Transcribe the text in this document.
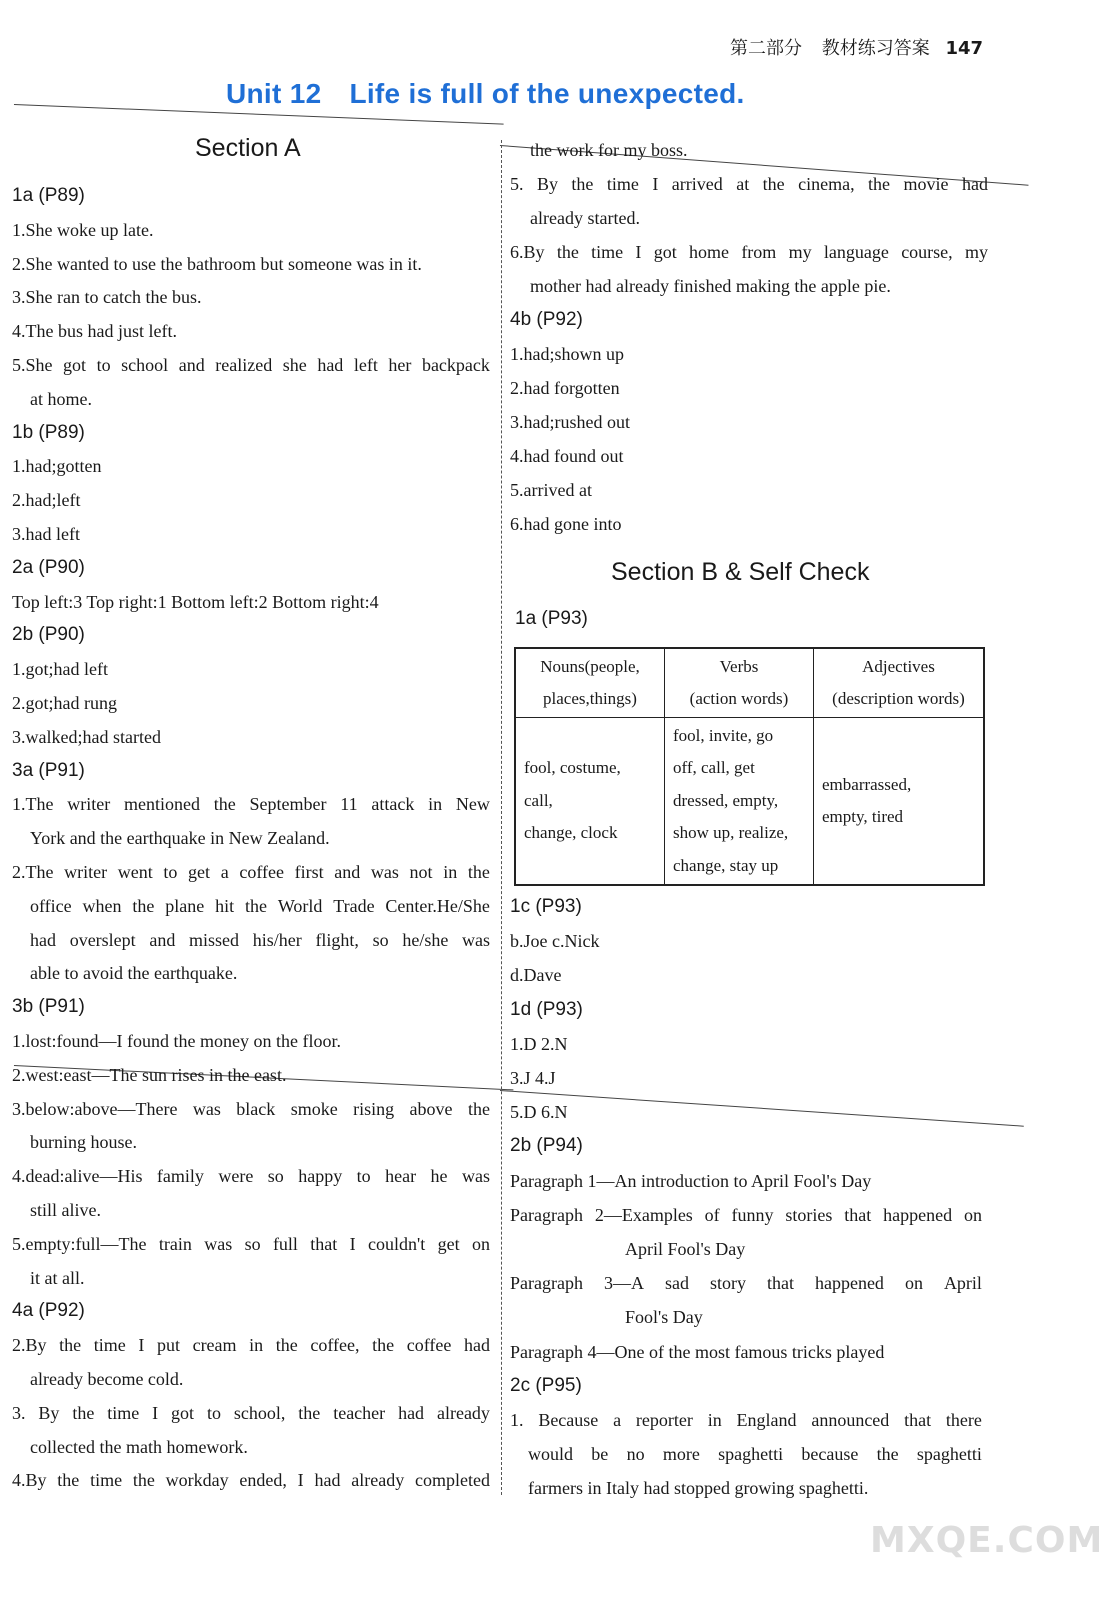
第二部分 教材练习答案 147
Unit 12 Life is full of the unexpected.
Section A
1a (P89)
1.She woke up late.
2.She wanted to use the bathroom but someone was in it.
3.She ran to catch the bus.
4.The bus had just left.
5.She got to school and realized she had left her backpack
at home.
1b (P89)
1.had;gotten
2.had;left
3.had left
2a (P90)
Top left:3 Top right:1 Bottom left:2 Bottom right:4
2b (P90)
1.got;had left
2.got;had rung
3.walked;had started
3a (P91)
1.The writer mentioned the September 11 attack in New
York and the earthquake in New Zealand.
2.The writer went to get a coffee first and was not in the
office when the plane hit the World Trade Center.He/She
had overslept and missed his/her flight, so he/she was
able to avoid the earthquake.
3b (P91)
1.lost:found—I found the money on the floor.
2.west:east—The sun rises in the east.
3.below:above—There was black smoke rising above the
burning house.
4.dead:alive—His family were so happy to hear he was
still alive.
5.empty:full—The train was so full that I couldn't get on
it at all.
4a (P92)
2.By the time I put cream in the coffee, the coffee had
already become cold.
3. By the time I got to school, the teacher had already
collected the math homework.
4.By the time the workday ended, I had already completed
the work for my boss.
5. By the time I arrived at the cinema, the movie had
already started.
6.By the time I got home from my language course, my
mother had already finished making the apple pie.
4b (P92)
1.had;shown up
2.had forgotten
3.had;rushed out
4.had found out
5.arrived at
6.had gone into
Section B & Self Check
1a (P93)
Nouns(people,
places,things)	Verbs
(action words)	Adjectives
(description words)
fool, costume,
call,
change, clock	fool, invite, go
off, call, get
dressed, empty,
show up, realize,
change, stay up	embarrassed,
empty, tired
1c (P93)
b.Joe c.Nick
d.Dave
1d (P93)
1.D 2.N
3.J 4.J
5.D 6.N
2b (P94)
Paragraph 1—An introduction to April Fool's Day
Paragraph 2—Examples of funny stories that happened on
April Fool's Day
Paragraph 3—A sad story that happened on April
Fool's Day
Paragraph 4—One of the most famous tricks played
2c (P95)
1. Because a reporter in England announced that there
would be no more spaghetti because the spaghetti
farmers in Italy had stopped growing spaghetti.
MXQE.COM
